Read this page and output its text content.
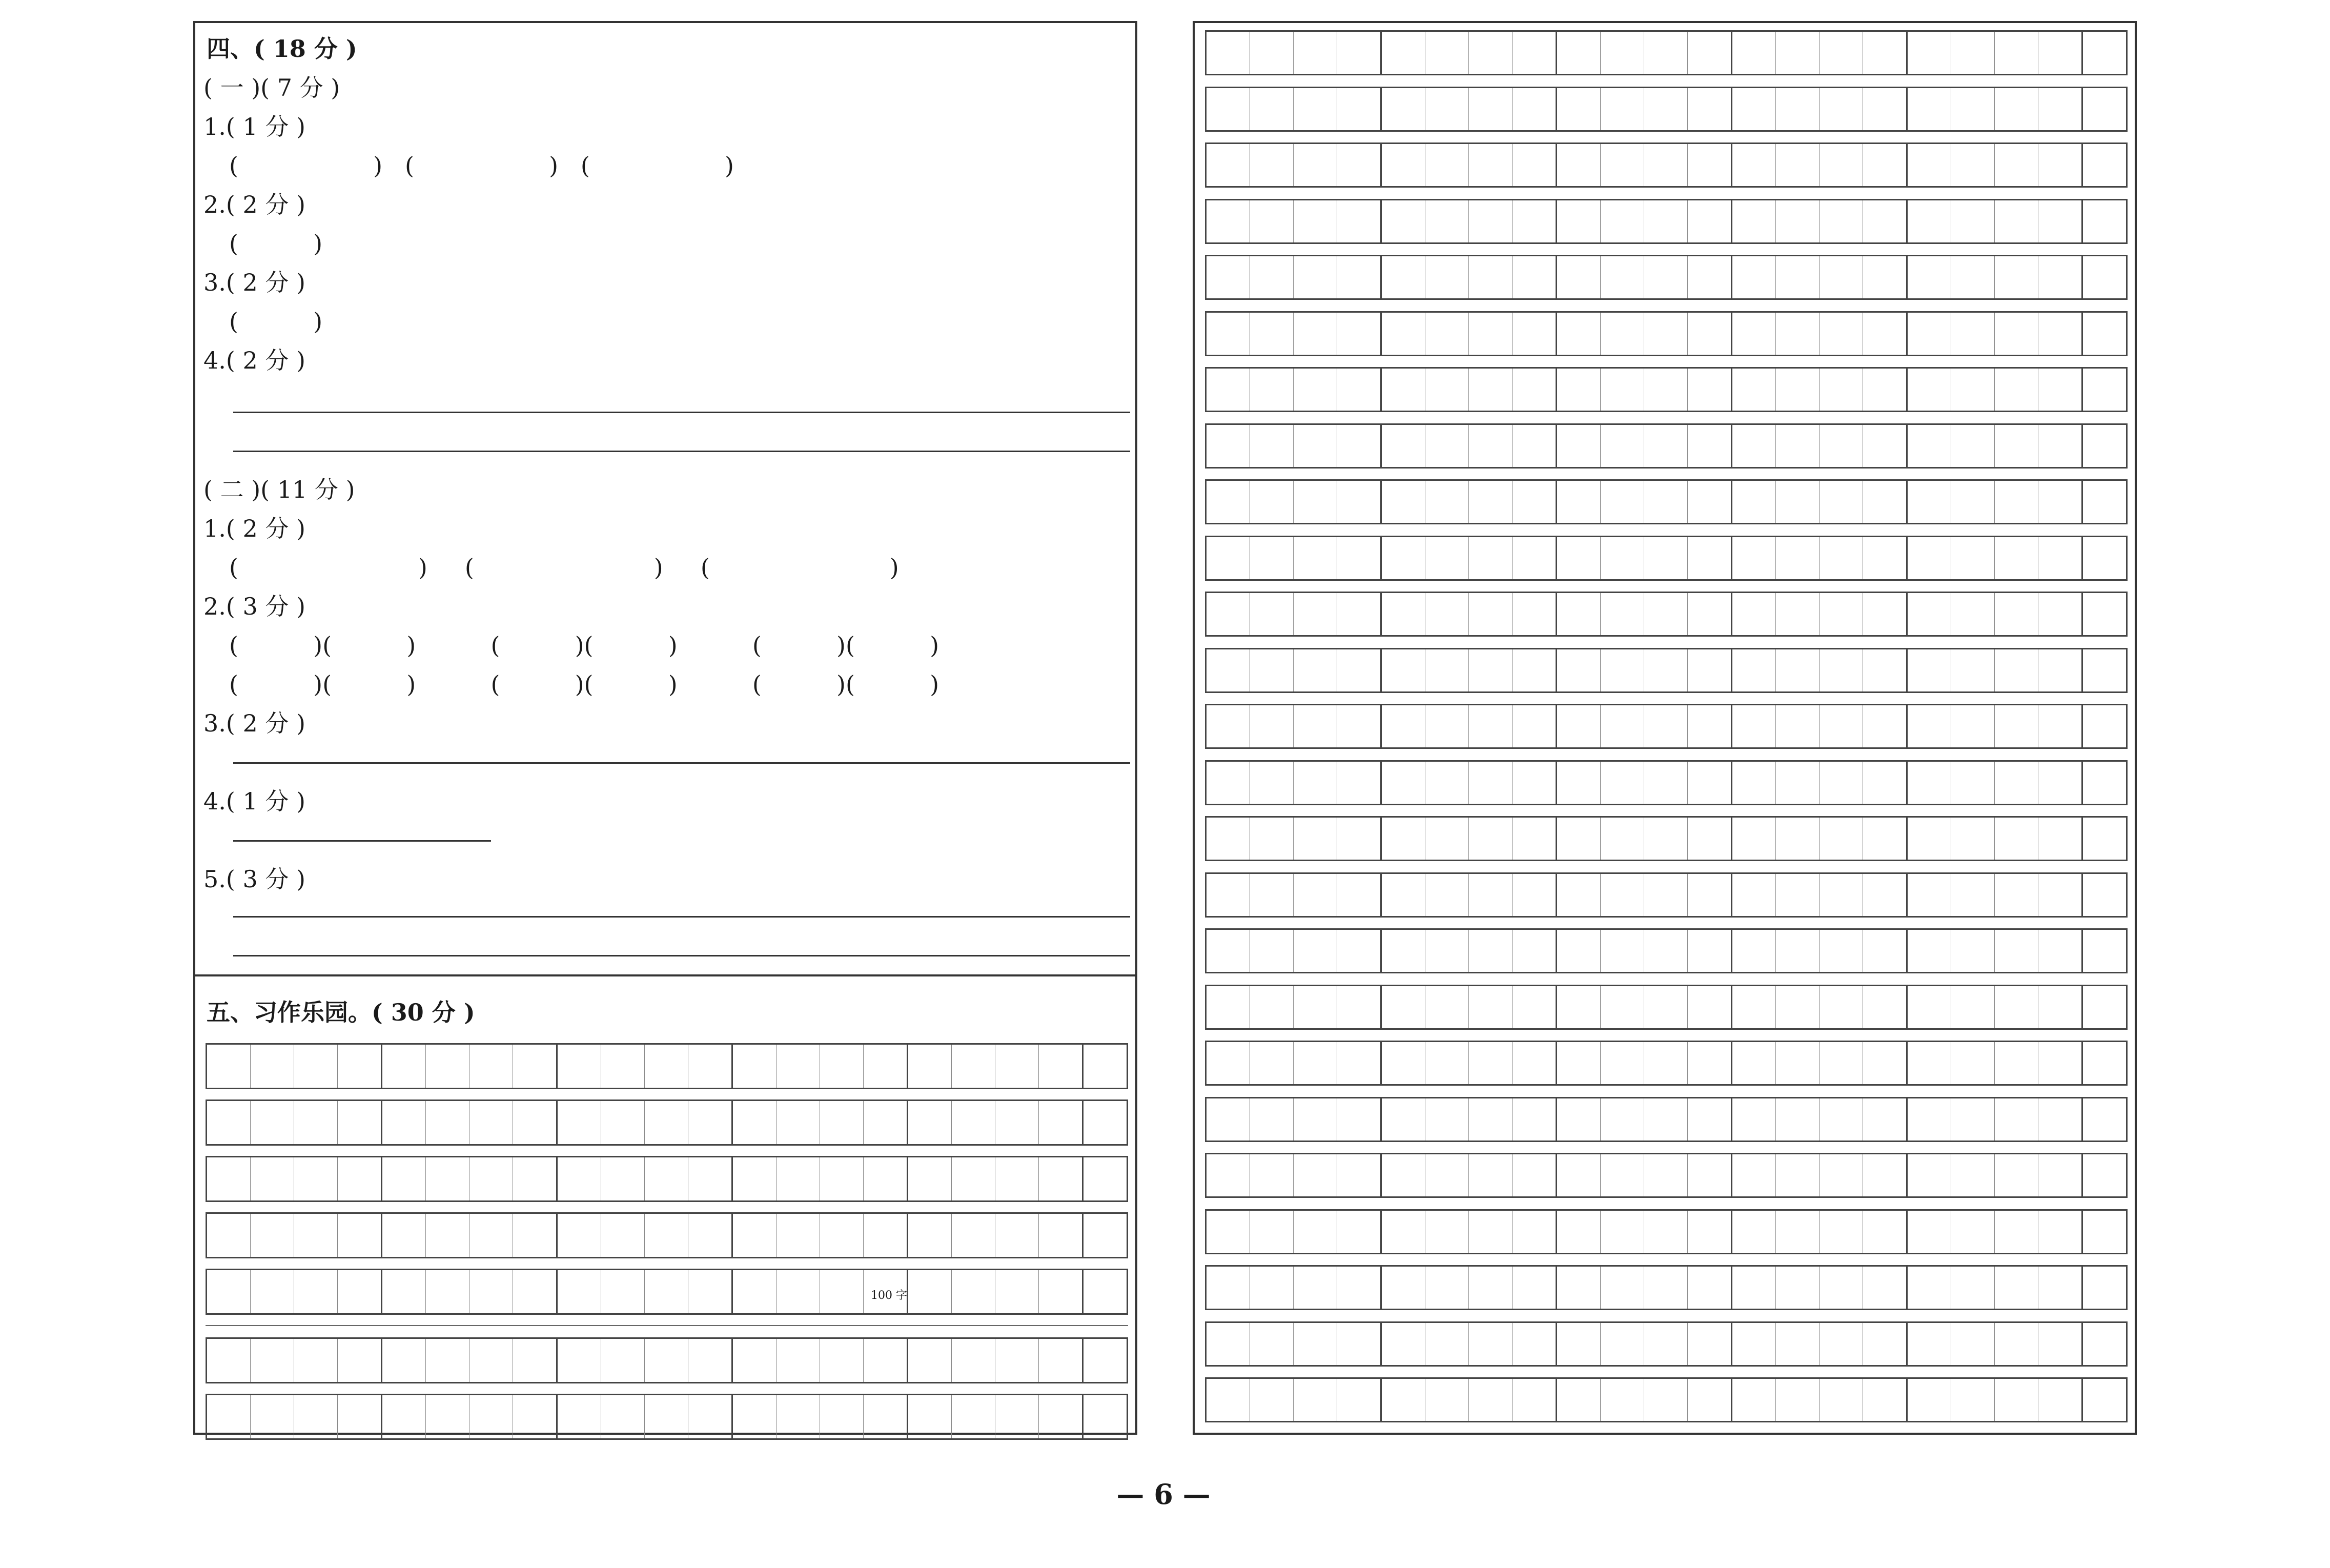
四、( 18 分 )
( 一 )( 7 分 )
1.( 1 分 )
(                  )   (                  )   (                  )
2.( 2 分 )
(          )
3.( 2 分 )
(          )
4.( 2 分 )
( 二 )( 11 分 )
1.( 2 分 )
(                        )     (                        )     (                        )
2.( 3 分 )
(          )(          )          (          )(          )          (          )(          )
(          )(          )          (          )(          )          (          )(          )
3.( 2 分 )
4.( 1 分 )
5.( 3 分 )
五、习作乐园。( 30 分 )
100 字
— 6 —
